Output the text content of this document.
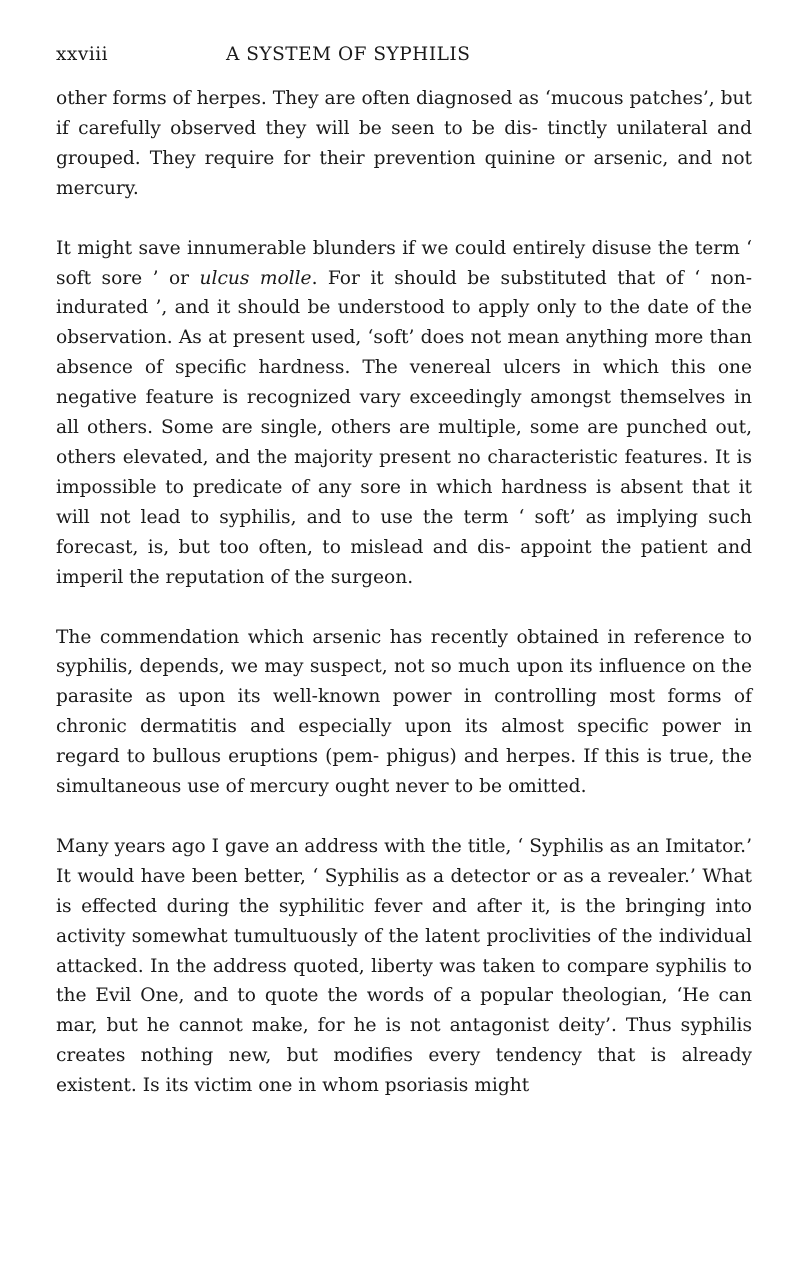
xxviii	A SYSTEM OF SYPHILIS

other forms of herpes. They are often diagnosed as ‘mucous patches’, but if carefully observed they will be seen to be dis- tinctly unilateral and grouped. They require for their prevention quinine or arsenic, and not mercury.

It might save innumerable blunders if we could entirely disuse the term ‘ soft sore ’ or ulcus molle. For it should be substituted that of ‘ non-indurated ’, and it should be understood to apply only to the date of the observation. As at present used, ‘soft’ does not mean anything more than absence of specific hardness. The venereal ulcers in which this one negative feature is recognized vary exceedingly amongst themselves in all others. Some are single, others are multiple, some are punched out, others elevated, and the majority present no characteristic features. It is impossible to predicate of any sore in which hardness is absent that it will not lead to syphilis, and to use the term ‘ soft’ as implying such forecast, is, but too often, to mislead and dis- appoint the patient and imperil the reputation of the surgeon.

The commendation which arsenic has recently obtained in reference to syphilis, depends, we may suspect, not so much upon its influence on the parasite as upon its well-known power in controlling most forms of chronic dermatitis and especially upon its almost specific power in regard to bullous eruptions (pem- phigus) and herpes. If this is true, the simultaneous use of mercury ought never to be omitted.

Many years ago I gave an address with the title, ‘ Syphilis as an Imitator.’ It would have been better, ‘ Syphilis as a detector or as a revealer.’ What is effected during the syphilitic fever and after it, is the bringing into activity somewhat tumultuously of the latent proclivities of the individual attacked. In the address quoted, liberty was taken to compare syphilis to the Evil One, and to quote the words of a popular theologian, ‘He can mar, but he cannot make, for he is not antagonist deity’. Thus syphilis creates nothing new, but modifies every tendency that is already existent. Is its victim one in whom psoriasis might
